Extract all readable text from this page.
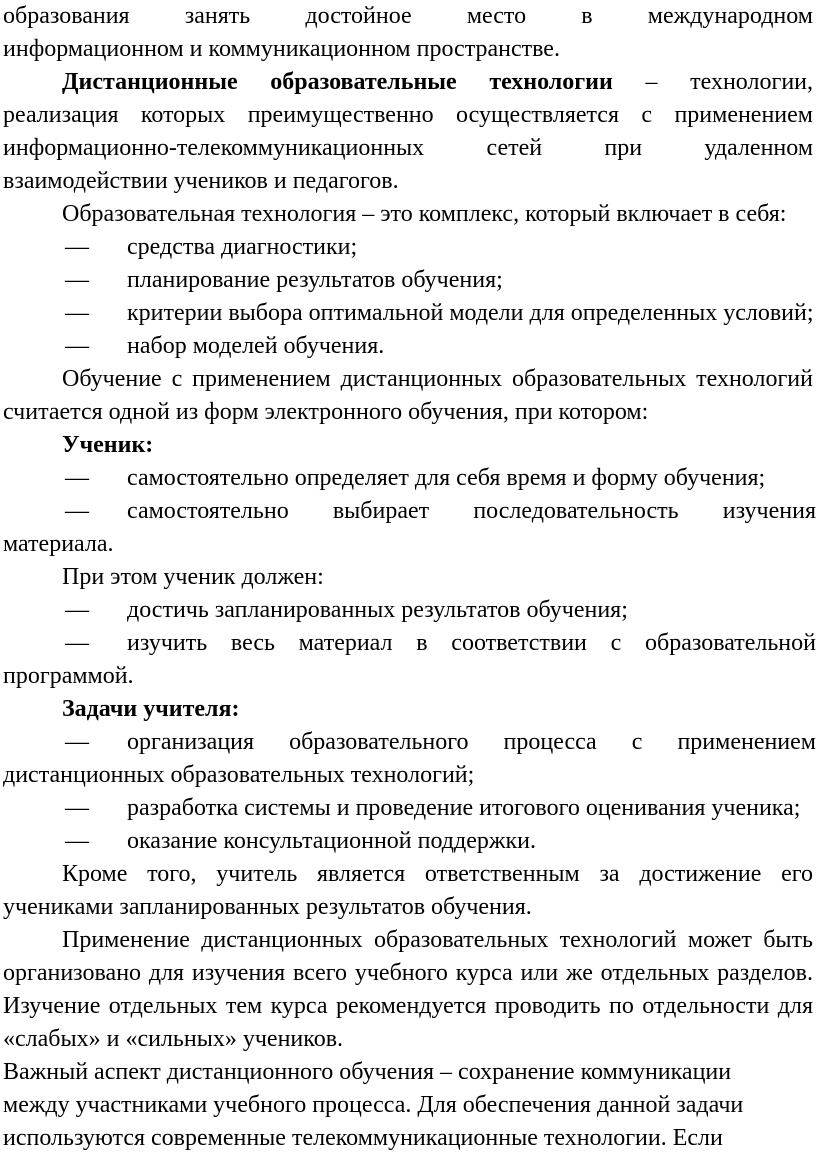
образования занять достойное место в международном
информационном и коммуникационном пространстве.
Дистанционные образовательные технологии – технологии,
реализация которых преимущественно осуществляется с применением
информационно-телекоммуникационных сетей при удаленном
взаимодействии учеников и педагогов.
Образовательная технология – это комплекс, который включает в себя:
— средства диагностики;
— планирование результатов обучения;
— критерии выбора оптимальной модели для определенных условий;
— набор моделей обучения.
Обучение с применением дистанционных образовательных технологий
считается одной из форм электронного обучения, при котором:
Ученик:
— самостоятельно определяет для себя время и форму обучения;
— самостоятельно выбирает последовательность изучения
материала.
При этом ученик должен:
— достичь запланированных результатов обучения;
— изучить весь материал в соответствии с образовательной
программой.
Задачи учителя:
— организация образовательного процесса с применением
дистанционных образовательных технологий;
— разработка системы и проведение итогового оценивания ученика;
— оказание консультационной поддержки.
Кроме того, учитель является ответственным за достижение его
учениками запланированных результатов обучения.
Применение дистанционных образовательных технологий может быть
организовано для изучения всего учебного курса или же отдельных разделов.
Изучение отдельных тем курса рекомендуется проводить по отдельности для
«слабых» и «сильных» учеников.
Важный аспект дистанционного обучения – сохранение коммуникации
между участниками учебного процесса. Для обеспечения данной задачи
используются современные телекоммуникационные технологии. Если
